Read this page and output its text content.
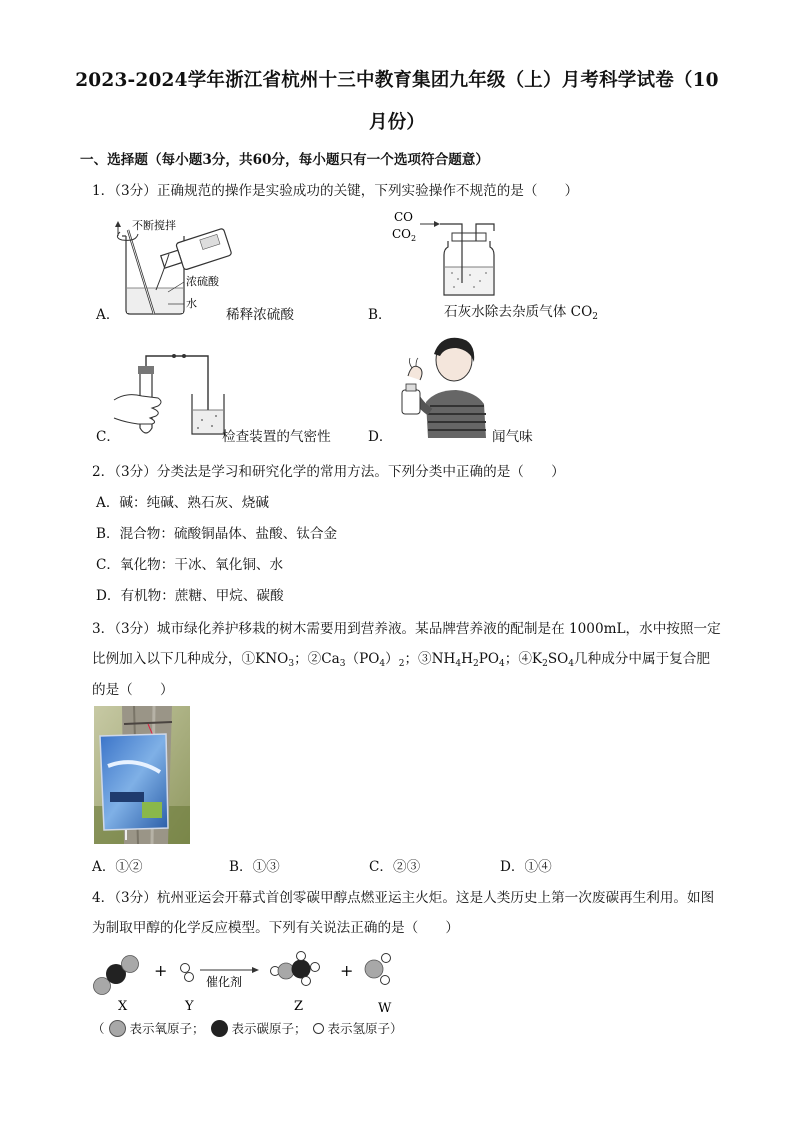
2023-2024学年浙江省杭州十三中教育集团九年级（上）月考科学试卷（10
月份）
一、选择题（每小题3分，共60分，每小题只有一个选项符合题意）
1．（3分）正确规范的操作是实验成功的关键，下列实验操作不规范的是（　　）
A．
不断搅拌
浓硫酸
水
稀释浓硫酸	B．
CO
$CO_2$
石灰水除去杂质气体 $CO_2$
C．	检查装置的气密性	D．	闻气味
2．（3分）分类法是学习和研究化学的常用方法。下列分类中正确的是（　　）
A．碱：纯碱、熟石灰、烧碱
B．混合物：硫酸铜晶体、盐酸、钛合金
C．氧化物：干冰、氧化铜、水
D．有机物：蔗糖、甲烷、碳酸
3．（3分）城市绿化养护移栽的树木需要用到营养液。某品牌营养液的配制是在 1000mL，水中按照一定
比例加入以下几种成分，$①KNO_3$；$②Ca_3(PO_4)_2$；$③NH_4H_2PO_4$；$④K_2SO_4$几种成分中属于复合肥
的是（　　）
A．①②	B．①③	C．②③	D．①④
4．（3分）杭州亚运会开幕式首创零碳甲醇点燃亚运主火炬。这是人类历史上第一次废碳再生利用。如图
为制取甲醇的化学反应模型。下列有关说法正确的是（　　）
+
催化剂
+
X	Y	Z	W
（ 表示氧原子； 表示碳原子； 表示氢原子）
